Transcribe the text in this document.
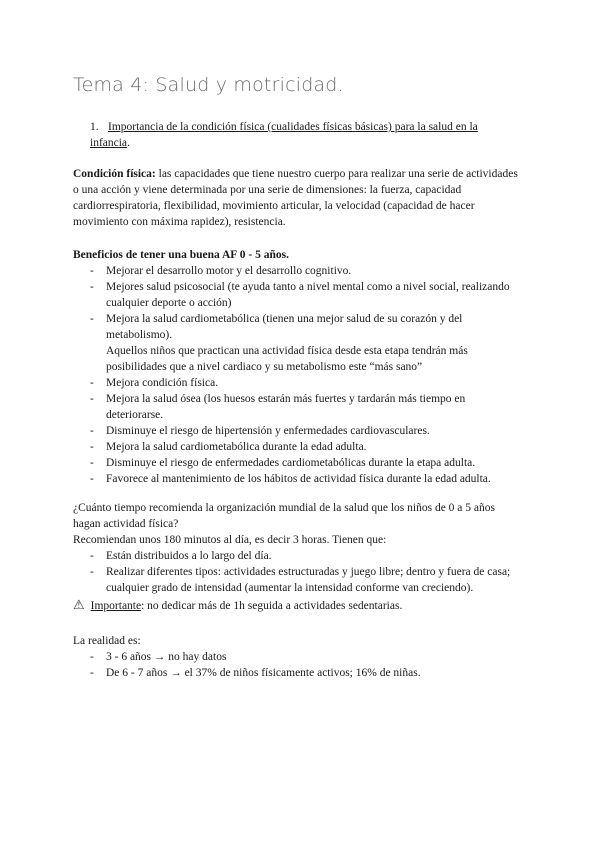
Tema 4: Salud y motricidad.
1. Importancia de la condición física (cualidades físicas básicas) para la salud en la infancia.
Condición física: las capacidades que tiene nuestro cuerpo para realizar una serie de actividades o una acción y viene determinada por una serie de dimensiones: la fuerza, capacidad cardiorrespiratoria, flexibilidad, movimiento articular, la velocidad (capacidad de hacer movimiento con máxima rapidez), resistencia.
Beneficios de tener una buena AF 0 - 5 años.
- Mejorar el desarrollo motor y el desarrollo cognitivo.
- Mejores salud psicosocial (te ayuda tanto a nivel mental como a nivel social, realizando cualquier deporte o acción)
- Mejora la salud cardiometabólica (tienen una mejor salud de su corazón y del metabolismo).
Aquellos niños que practican una actividad física desde esta etapa tendrán más posibilidades que a nivel cardiaco y su metabolismo este “más sano”
- Mejora condición física.
- Mejora la salud ósea (los huesos estarán más fuertes y tardarán más tiempo en deteriorarse.
- Disminuye el riesgo de hipertensión y enfermedades cardiovasculares.
- Mejora la salud cardiometabólica durante la edad adulta.
- Disminuye el riesgo de enfermedades cardiometabólicas durante la etapa adulta.
- Favorece al mantenimiento de los hábitos de actividad física durante la edad adulta.
¿Cuánto tiempo recomienda la organización mundial de la salud que los niños de 0 a 5 años hagan actividad física?
Recomiendan unos 180 minutos al día, es decir 3 horas. Tienen que:
- Están distribuidos a lo largo del día.
- Realizar diferentes tipos: actividades estructuradas y juego libre; dentro y fuera de casa; cualquier grado de intensidad (aumentar la intensidad conforme van creciendo).
⚠ Importante: no dedicar más de 1h seguida a actividades sedentarias.
La realidad es:
- 3 - 6 años → no hay datos
- De 6 - 7 años → el 37% de niños físicamente activos; 16% de niñas.
